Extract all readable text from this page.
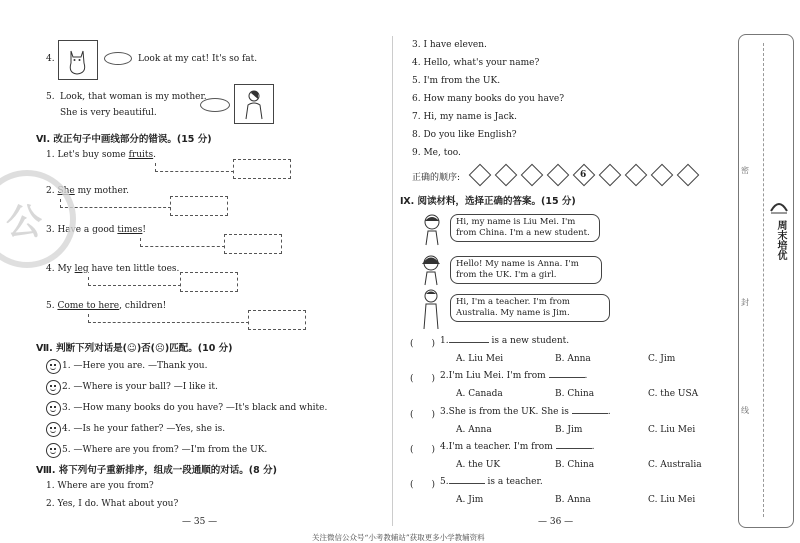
4.	Look at my cat! It's so fat.
5. Look, that woman is my mother.
She is very beautiful.
Ⅵ. 改正句子中画线部分的错误。(15 分)
1. Let's buy some fruits.
2. She my mother.
3. Have a good times!
4. My leg have ten little toes.
5. Come to here, children!
Ⅶ. 判断下列对话是(☺)否(☹)匹配。(10 分)
1. —Here you are. —Thank you.
2. —Where is your ball? —I like it.
3. —How many books do you have? —It's black and white.
4. —Is he your father? —Yes, she is.
5. —Where are you from? —I'm from the UK.
Ⅷ. 将下列句子重新排序，组成一段通顺的对话。(8 分)
1. Where are you from?
2. Yes, I do. What about you?
— 35 —
公
3. I have eleven.
4. Hello, what's your name?
5. I'm from the UK.
6. How many books do you have?
7. Hi, my name is Jack.
8. Do you like English?
9. Me, too.
正确的顺序:	6
Ⅸ. 阅读材料，选择正确的答案。(15 分)
Hi, my name is Liu Mei. I'm from China. I'm a new student.
Hello! My name is Anna. I'm from the UK. I'm a girl.
Hi, I'm a teacher. I'm from Australia. My name is Jim.
(　　) 1.	is a new student.
A. Liu Mei	B. Anna	C. Jim
(　　) 2.I'm Liu Mei. I'm from	.
A. Canada	B. China	C. the USA
(　　) 3.She is from the UK. She is	.
A. Anna	B. Jim	C. Liu Mei
(　　) 4.I'm a teacher. I'm from	.
A. the UK	B. China	C. Australia
(　　) 5.	is a teacher.
A. Jim	B. Anna	C. Liu Mei
— 36 —
关注微信公众号“小考教辅站”获取更多小学教辅资料
密
封
线
周末培优
